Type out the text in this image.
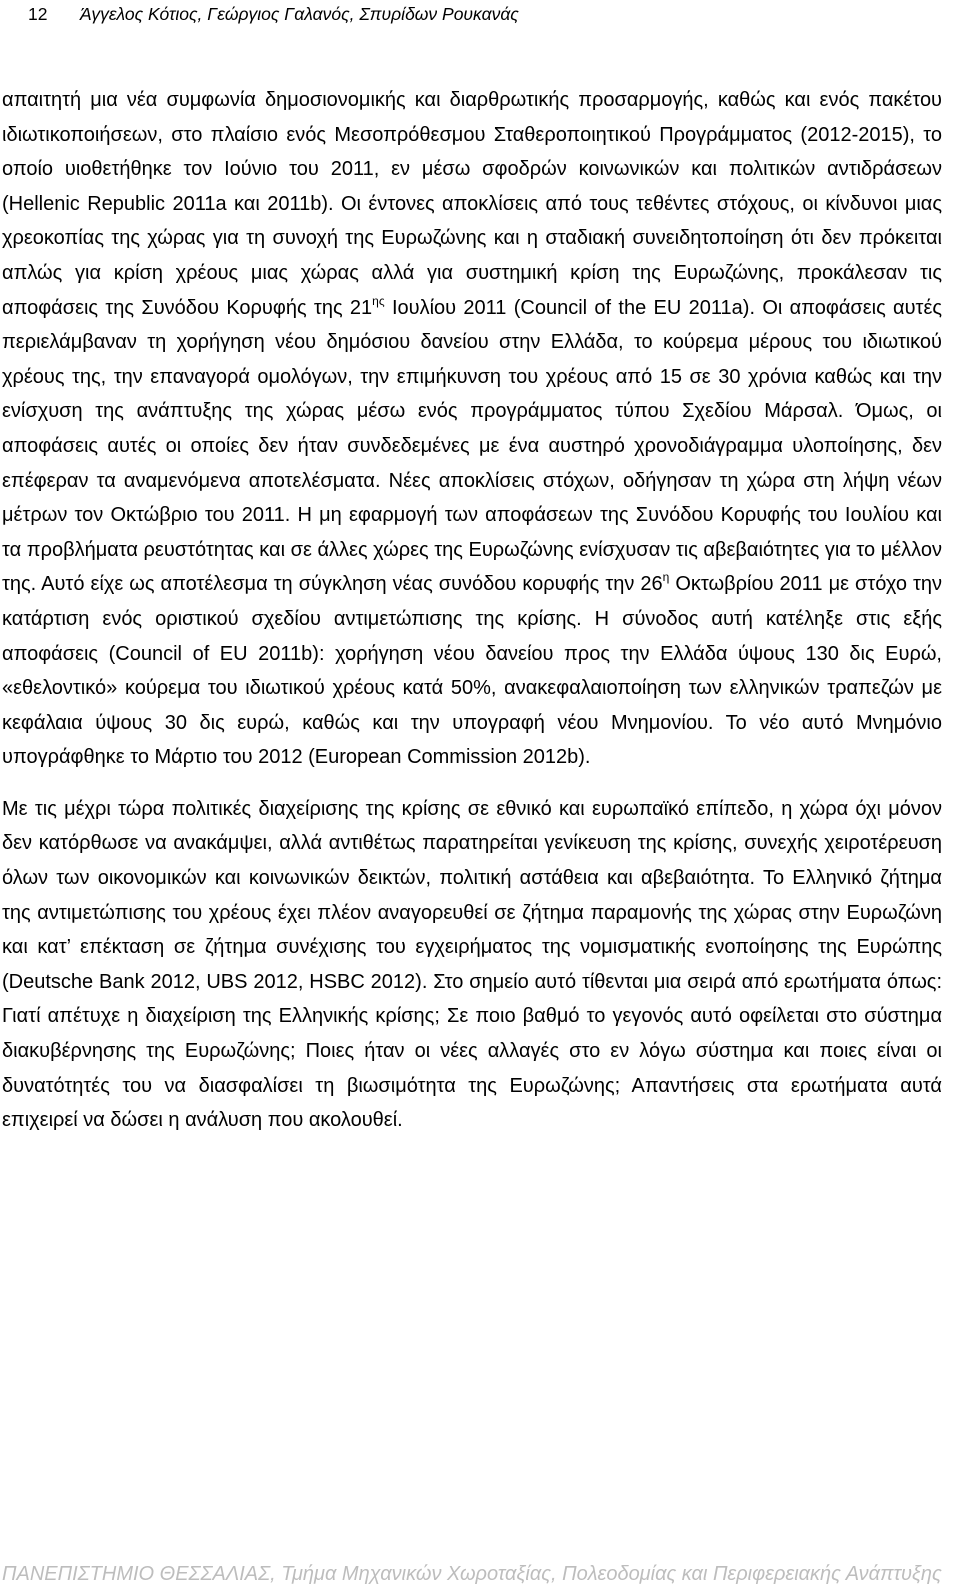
12 Άγγελος Κότιος, Γεώργιος Γαλανός, Σπυρίδων Ρουκανάς

απαιτητή μια νέα συμφωνία δημοσιονομικής και διαρθρωτικής προσαρμογής, καθώς και ενός πακέτου ιδιωτικοποιήσεων, στο πλαίσιο ενός Μεσοπρόθεσμου Σταθεροποιητικού Προγράμματος (2012-2015), το οποίο υιοθετήθηκε τον Ιούνιο του 2011, εν μέσω σφοδρών κοινωνικών και πολιτικών αντιδράσεων (Hellenic Republic 2011a και 2011b). Οι έντονες αποκλίσεις από τους τεθέντες στόχους, οι κίνδυνοι μιας χρεοκοπίας της χώρας για τη συνοχή της Ευρωζώνης και η σταδιακή συνειδητοποίηση ότι δεν πρόκειται απλώς για κρίση χρέους μιας χώρας αλλά για συστημική κρίση της Ευρωζώνης, προκάλεσαν τις αποφάσεις της Συνόδου Κορυφής της $21^{\eta\varsigma}$ Ιουλίου 2011 (Council of the EU 2011a). Οι αποφάσεις αυτές περιελάμβαναν τη χορήγηση νέου δημόσιου δανείου στην Ελλάδα, το κούρεμα μέρους του ιδιωτικού χρέους της, την επαναγορά ομολόγων, την επιμήκυνση του χρέους από 15 σε 30 χρόνια καθώς και την ενίσχυση της ανάπτυξης της χώρας μέσω ενός προγράμματος τύπου Σχεδίου Μάρσαλ. Όμως, οι αποφάσεις αυτές οι οποίες δεν ήταν συνδεδεμένες με ένα αυστηρό χρονοδιάγραμμα υλοποίησης, δεν επέφεραν τα αναμενόμενα αποτελέσματα. Νέες αποκλίσεις στόχων, οδήγησαν τη χώρα στη λήψη νέων μέτρων τον Οκτώβριο του 2011. Η μη εφαρμογή των αποφάσεων της Συνόδου Κορυφής του Ιουλίου και τα προβλήματα ρευστότητας και σε άλλες χώρες της Ευρωζώνης ενίσχυσαν τις αβεβαιότητες για το μέλλον της. Αυτό είχε ως αποτέλεσμα τη σύγκληση νέας συνόδου κορυφής την $26^\eta$ Οκτωβρίου 2011 με στόχο την κατάρτιση ενός οριστικού σχεδίου αντιμετώπισης της κρίσης. Η σύνοδος αυτή κατέληξε στις εξής αποφάσεις (Council of EU 2011b): χορήγηση νέου δανείου προς την Ελλάδα ύψους 130 δις Ευρώ, «εθελοντικό» κούρεμα του ιδιωτικού χρέους κατά 50%, ανακεφαλαιοποίηση των ελληνικών τραπεζών με κεφάλαια ύψους 30 δις ευρώ, καθώς και την υπογραφή νέου Μνημονίου. Το νέο αυτό Μνημόνιο υπογράφθηκε το Μάρτιο του 2012 (European Commission 2012b).

Με τις μέχρι τώρα πολιτικές διαχείρισης της κρίσης σε εθνικό και ευρωπαϊκό επίπεδο, η χώρα όχι μόνον δεν κατόρθωσε να ανακάμψει, αλλά αντιθέτως παρατηρείται γενίκευση της κρίσης, συνεχής χειροτέρευση όλων των οικονομικών και κοινωνικών δεικτών, πολιτική αστάθεια και αβεβαιότητα. Το Ελληνικό ζήτημα της αντιμετώπισης του χρέους έχει πλέον αναγορευθεί σε ζήτημα παραμονής της χώρας στην Ευρωζώνη και κατ’ επέκταση σε ζήτημα συνέχισης του εγχειρήματος της νομισματικής ενοποίησης της Ευρώπης (Deutsche Bank 2012, UBS 2012, HSBC 2012). Στο σημείο αυτό τίθενται μια σειρά από ερωτήματα όπως: Γιατί απέτυχε η διαχείριση της Ελληνικής κρίσης; Σε ποιο βαθμό το γεγονός αυτό οφείλεται στο σύστημα διακυβέρνησης της Ευρωζώνης; Ποιες ήταν οι νέες αλλαγές στο εν λόγω σύστημα και ποιες είναι οι δυνατότητές του να διασφαλίσει τη βιωσιμότητα της Ευρωζώνης; Απαντήσεις στα ερωτήματα αυτά επιχειρεί να δώσει η ανάλυση που ακολουθεί.

ΠΑΝΕΠΙΣΤΗΜΙΟ ΘΕΣΣΑΛΙΑΣ, Τμήμα Μηχανικών Χωροταξίας, Πολεοδομίας και Περιφερειακής Ανάπτυξης
